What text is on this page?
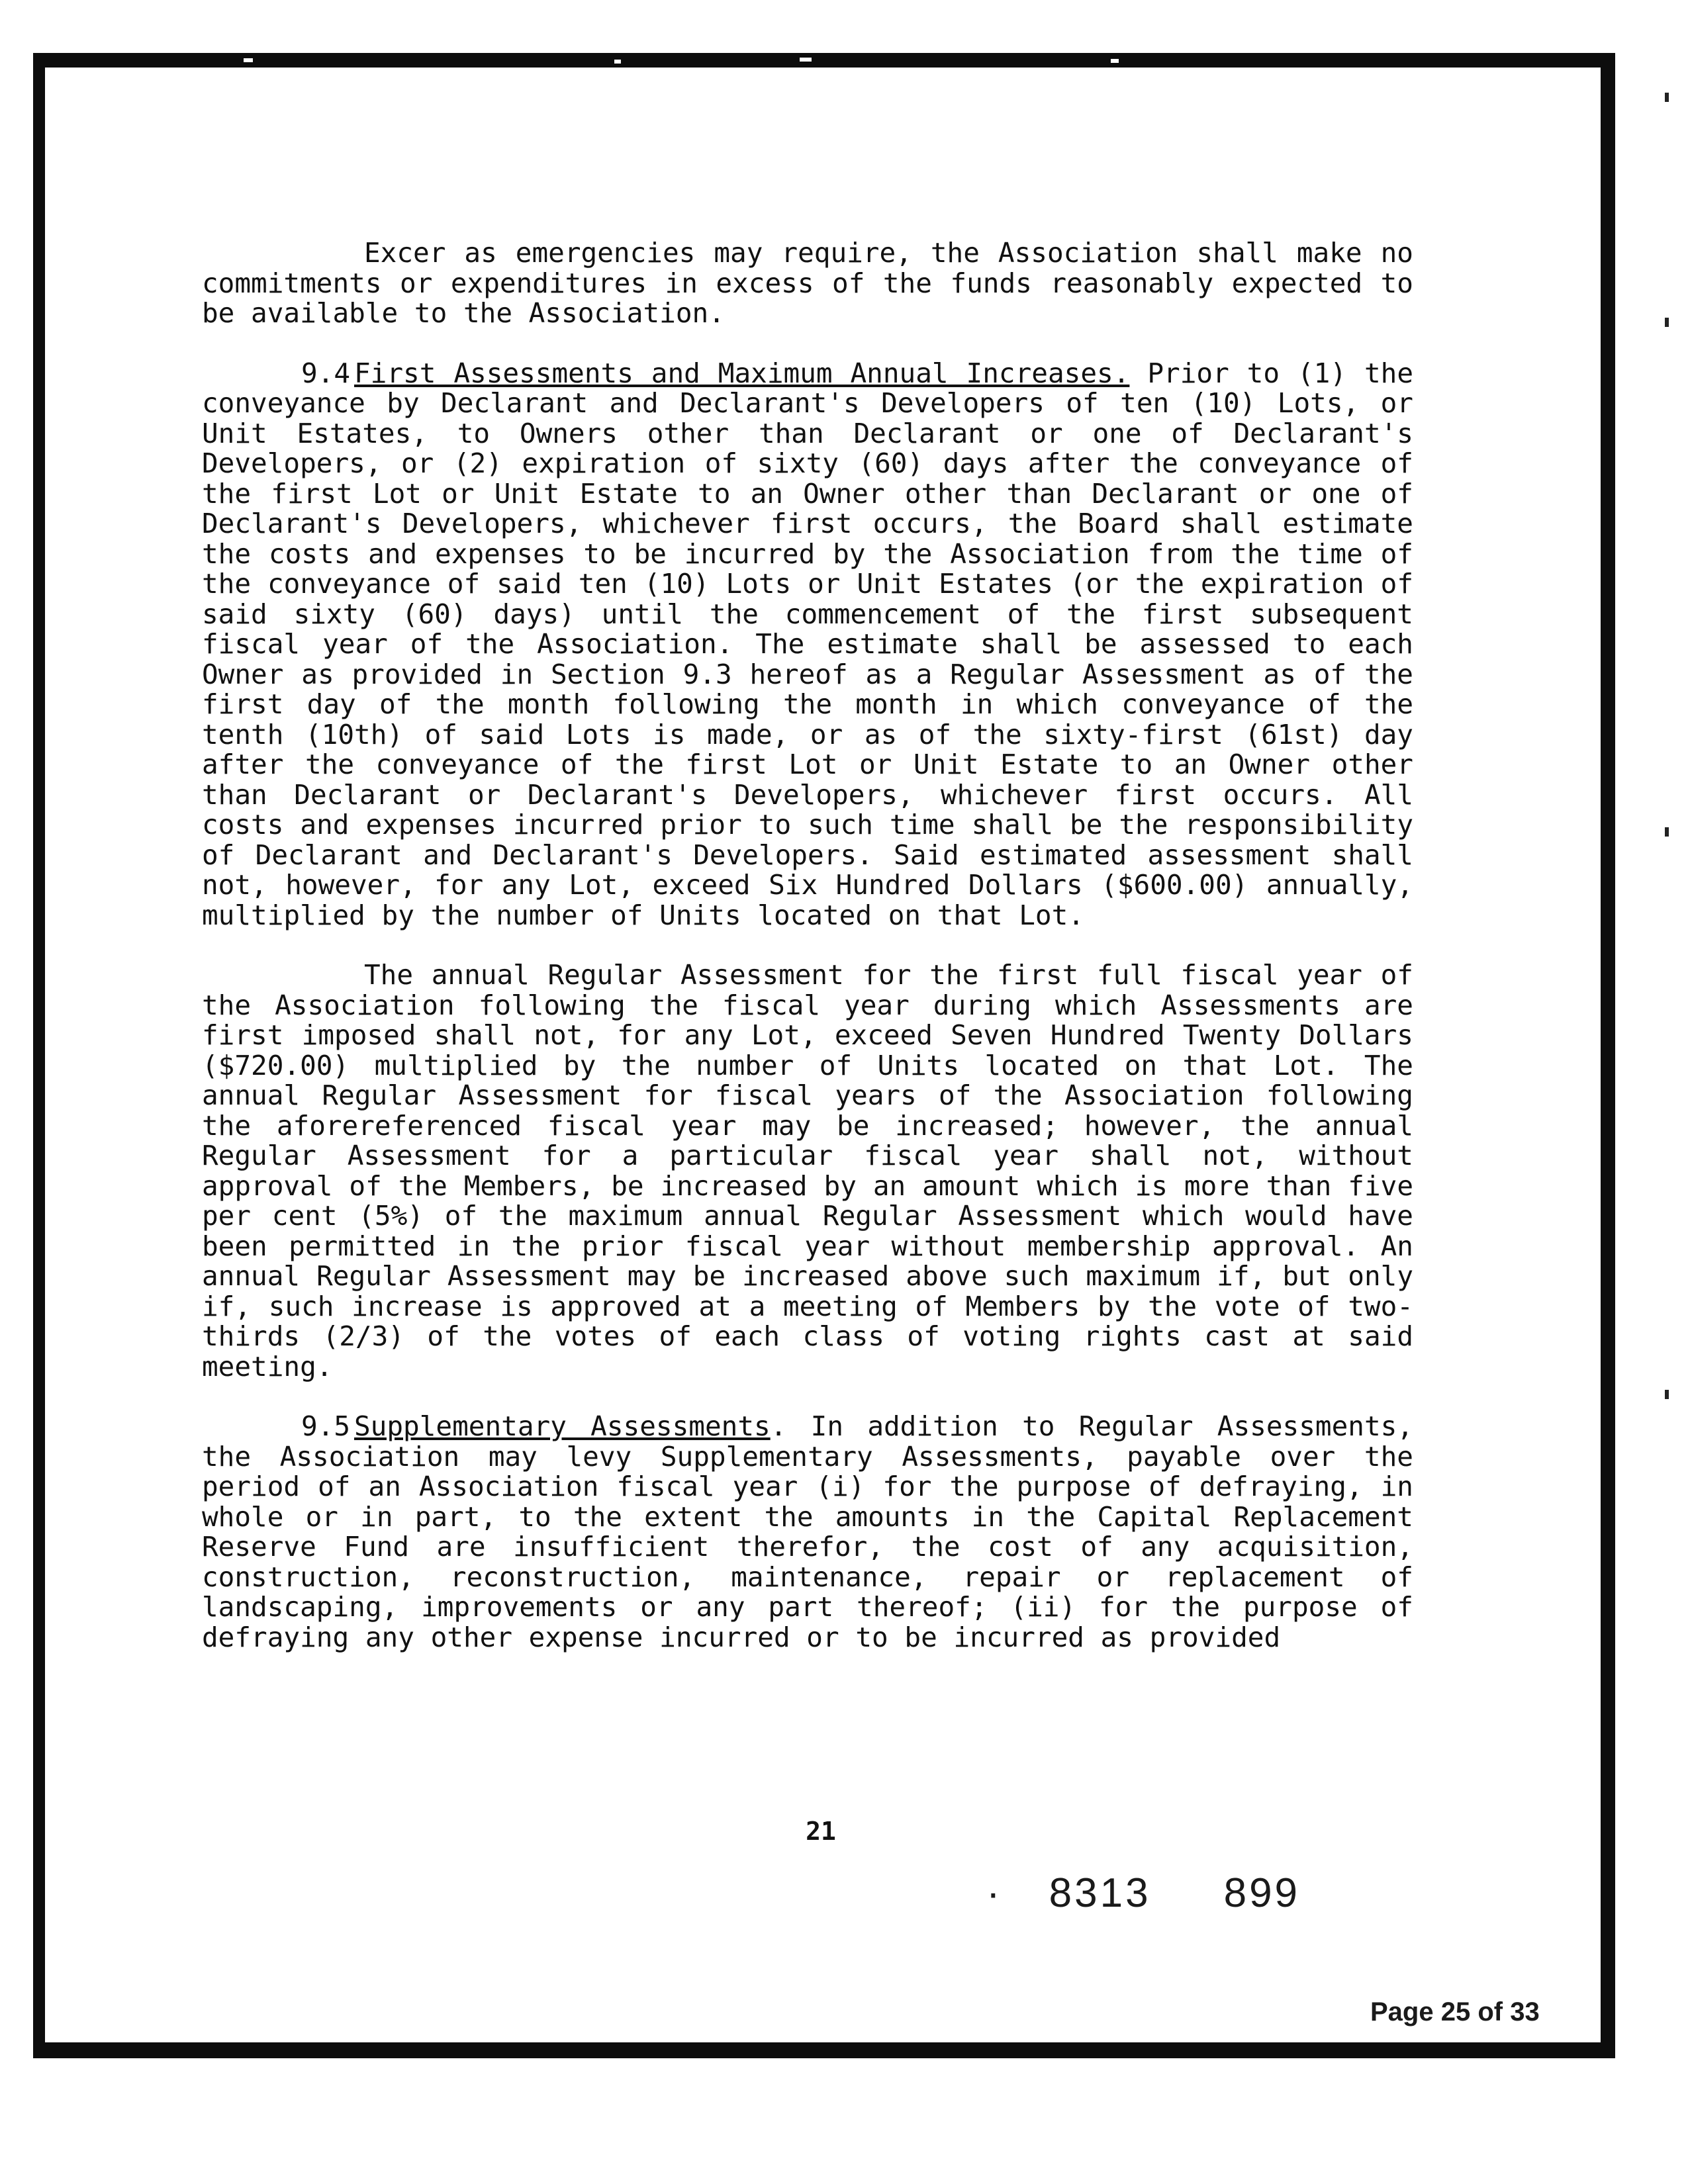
Excer as emergencies may require, the Association shall make no commitments or expenditures in excess of the funds reasonably expected to be available to the Association.

9.4 First Assessments and Maximum Annual Increases. Prior to (1) the conveyance by Declarant and Declarant's Developers of ten (10) Lots, or Unit Estates, to Owners other than Declarant or one of Declarant's Developers, or (2) expiration of sixty (60) days after the conveyance of the first Lot or Unit Estate to an Owner other than Declarant or one of Declarant's Developers, whichever first occurs, the Board shall estimate the costs and expenses to be incurred by the Association from the time of the conveyance of said ten (10) Lots or Unit Estates (or the expiration of said sixty (60) days) until the commencement of the first subsequent fiscal year of the Association. The estimate shall be assessed to each Owner as provided in Section 9.3 hereof as a Regular Assessment as of the first day of the month following the month in which conveyance of the tenth (10th) of said Lots is made, or as of the sixty-first (61st) day after the conveyance of the first Lot or Unit Estate to an Owner other than Declarant or Declarant's Developers, whichever first occurs. All costs and expenses incurred prior to such time shall be the responsibility of Declarant and Declarant's Developers. Said estimated assessment shall not, however, for any Lot, exceed Six Hundred Dollars ($600.00) annually, multiplied by the number of Units located on that Lot.

The annual Regular Assessment for the first full fiscal year of the Association following the fiscal year during which Assessments are first imposed shall not, for any Lot, exceed Seven Hundred Twenty Dollars ($720.00) multiplied by the number of Units located on that Lot. The annual Regular Assessment for fiscal years of the Association following the aforereferenced fiscal year may be increased; however, the annual Regular Assessment for a particular fiscal year shall not, without approval of the Members, be increased by an amount which is more than five per cent (5%) of the maximum annual Regular Assessment which would have been permitted in the prior fiscal year without membership approval. An annual Regular Assessment may be increased above such maximum if, but only if, such increase is approved at a meeting of Members by the vote of two-thirds (2/3) of the votes of each class of voting rights cast at said meeting.

9.5 Supplementary Assessments. In addition to Regular Assessments, the Association may levy Supplementary Assessments, payable over the period of an Association fiscal year (i) for the purpose of defraying, in whole or in part, to the extent the amounts in the Capital Replacement Reserve Fund are insufficient therefor, the cost of any acquisition, construction, reconstruction, maintenance, repair or replacement of landscaping, improvements or any part thereof; (ii) for the purpose of defraying any other expense incurred or to be incurred as provided

21
· 8313 899
Page 25 of 33
